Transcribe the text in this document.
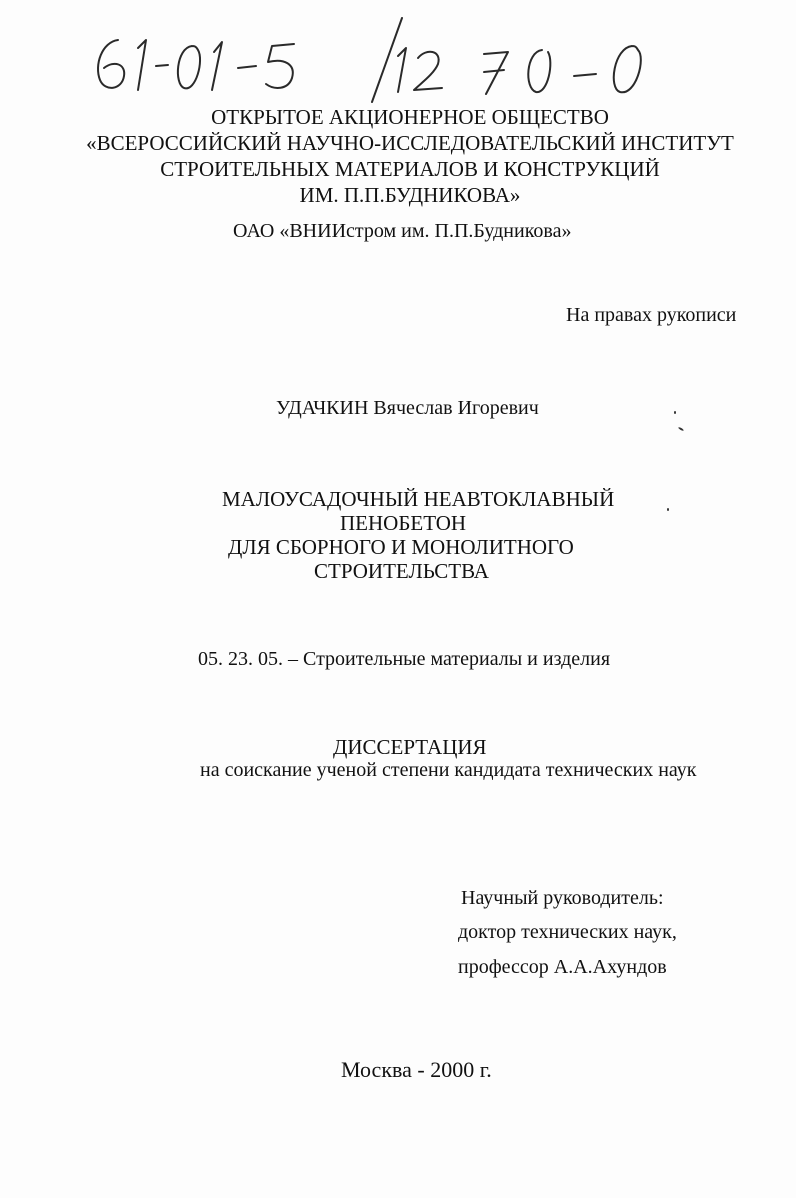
ОТКРЫТОЕ АКЦИОНЕРНОЕ ОБЩЕСТВО
«ВСЕРОССИЙСКИЙ НАУЧНО-ИССЛЕДОВАТЕЛЬСКИЙ ИНСТИТУТ
СТРОИТЕЛЬНЫХ МАТЕРИАЛОВ И КОНСТРУКЦИЙ
ИМ. П.П.БУДНИКОВА»
ОАО «ВНИИстром им. П.П.Будникова»
На правах рукописи
УДАЧКИН Вячеслав Игоревич
МАЛОУСАДОЧНЫЙ НЕАВТОКЛАВНЫЙ
ПЕНОБЕТОН
ДЛЯ СБОРНОГО И МОНОЛИТНОГО
СТРОИТЕЛЬСТВА
05. 23. 05. – Строительные материалы и изделия
ДИССЕРТАЦИЯ
на соискание ученой степени кандидата технических наук
Научный руководитель:
доктор технических наук,
профессор А.А.Ахундов
Москва - 2000 г.
